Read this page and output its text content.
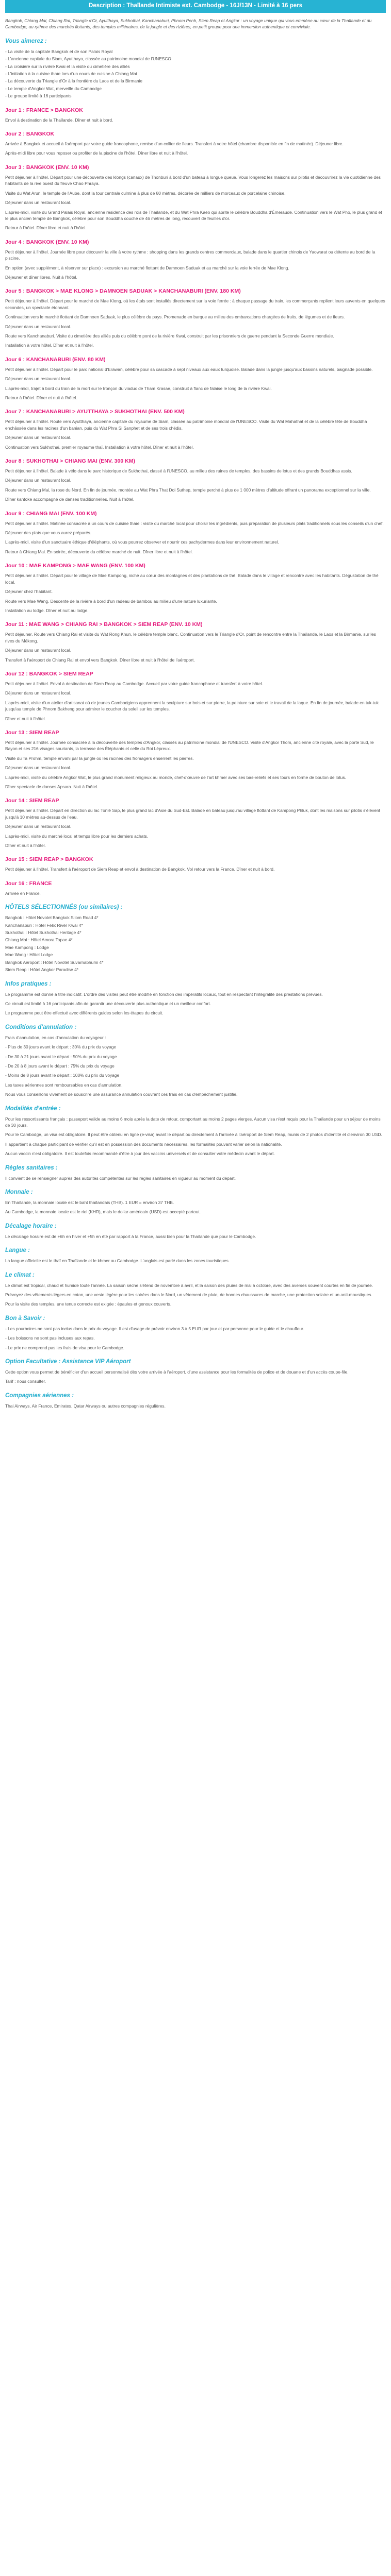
Description : Thaïlande Intimiste ext. Cambodge - 16J/13N - Limité à 16 pers

Bangkok, Chiang Mai, Chiang Rai, Triangle d'Or, Ayutthaya, Sukhothai, Kanchanaburi, Phnom Penh, Siem Reap et Angkor : un voyage unique qui vous emmène au cœur de la Thaïlande et du Cambodge, au rythme des marchés flottants, des temples millénaires, de la jungle et des rizières, en petit groupe pour une immersion authentique et conviviale.

Vous aimerez :
- La visite de la capitale Bangkok et de son Palais Royal
- L'ancienne capitale du Siam, Ayutthaya, classée au patrimoine mondial de l'UNESCO
- La croisière sur la rivière Kwai et la visite du cimetière des alliés
- L'initiation à la cuisine thaïe lors d'un cours de cuisine à Chiang Mai
- La découverte du Triangle d'Or à la frontière du Laos et de la Birmanie
- Le temple d'Angkor Wat, merveille du Cambodge
- Le groupe limité à 16 participants
Jour 1 : FRANCE > BANGKOK

Envol à destination de la Thaïlande. Dîner et nuit à bord.

Jour 2 : BANGKOK

Arrivée à Bangkok et accueil à l'aéroport par votre guide francophone, remise d'un collier de fleurs. Transfert à votre hôtel (chambre disponible en fin de matinée). Déjeuner libre.

Après-midi libre pour vous reposer ou profiter de la piscine de l'hôtel. Dîner libre et nuit à l'hôtel.

Jour 3 : BANGKOK (ENV. 10 KM)

Petit déjeuner à l'hôtel. Départ pour une découverte des klongs (canaux) de Thonburi à bord d'un bateau à longue queue. Vous longerez les maisons sur pilotis et découvrirez la vie quotidienne des habitants de la rive ouest du fleuve Chao Phraya.

Visite du Wat Arun, le temple de l'Aube, dont la tour centrale culmine à plus de 80 mètres, décorée de milliers de morceaux de porcelaine chinoise.

Déjeuner dans un restaurant local.

L'après-midi, visite du Grand Palais Royal, ancienne résidence des rois de Thaïlande, et du Wat Phra Kaeo qui abrite le célèbre Bouddha d'Émeraude. Continuation vers le Wat Pho, le plus grand et le plus ancien temple de Bangkok, célèbre pour son Bouddha couché de 46 mètres de long, recouvert de feuilles d'or.

Retour à l'hôtel. Dîner libre et nuit à l'hôtel.

Jour 4 : BANGKOK (ENV. 10 KM)

Petit déjeuner à l'hôtel. Journée libre pour découvrir la ville à votre rythme : shopping dans les grands centres commerciaux, balade dans le quartier chinois de Yaowarat ou détente au bord de la piscine.

En option (avec supplément, à réserver sur place) : excursion au marché flottant de Damnoen Saduak et au marché sur la voie ferrée de Mae Klong.

Déjeuner et dîner libres. Nuit à l'hôtel.

Jour 5 : BANGKOK > MAE KLONG > DAMNOEN SADUAK > KANCHANABURI (ENV. 180 KM)

Petit déjeuner à l'hôtel. Départ pour le marché de Mae Klong, où les étals sont installés directement sur la voie ferrée : à chaque passage du train, les commerçants replient leurs auvents en quelques secondes, un spectacle étonnant.

Continuation vers le marché flottant de Damnoen Saduak, le plus célèbre du pays. Promenade en barque au milieu des embarcations chargées de fruits, de légumes et de fleurs.

Déjeuner dans un restaurant local.

Route vers Kanchanaburi. Visite du cimetière des alliés puis du célèbre pont de la rivière Kwai, construit par les prisonniers de guerre pendant la Seconde Guerre mondiale.

Installation à votre hôtel. Dîner et nuit à l'hôtel.

Jour 6 : KANCHANABURI (ENV. 80 KM)

Petit déjeuner à l'hôtel. Départ pour le parc national d'Erawan, célèbre pour sa cascade à sept niveaux aux eaux turquoise. Balade dans la jungle jusqu'aux bassins naturels, baignade possible.

Déjeuner dans un restaurant local.

L'après-midi, trajet à bord du train de la mort sur le tronçon du viaduc de Tham Krasae, construit à flanc de falaise le long de la rivière Kwai.

Retour à l'hôtel. Dîner et nuit à l'hôtel.

Jour 7 : KANCHANABURI > AYUTTHAYA > SUKHOTHAI (ENV. 500 KM)

Petit déjeuner à l'hôtel. Route vers Ayutthaya, ancienne capitale du royaume de Siam, classée au patrimoine mondial de l'UNESCO. Visite du Wat Mahathat et de la célèbre tête de Bouddha enchâssée dans les racines d'un banian, puis du Wat Phra Si Sanphet et de ses trois chédis.

Déjeuner dans un restaurant local.

Continuation vers Sukhothai, premier royaume thaï. Installation à votre hôtel. Dîner et nuit à l'hôtel.

Jour 8 : SUKHOTHAI > CHIANG MAI (ENV. 300 KM)

Petit déjeuner à l'hôtel. Balade à vélo dans le parc historique de Sukhothai, classé à l'UNESCO, au milieu des ruines de temples, des bassins de lotus et des grands Bouddhas assis.

Déjeuner dans un restaurant local.

Route vers Chiang Mai, la rose du Nord. En fin de journée, montée au Wat Phra That Doi Suthep, temple perché à plus de 1 000 mètres d'altitude offrant un panorama exceptionnel sur la ville.

Dîner kantoke accompagné de danses traditionnelles. Nuit à l'hôtel.

Jour 9 : CHIANG MAI (ENV. 100 KM)

Petit déjeuner à l'hôtel. Matinée consacrée à un cours de cuisine thaïe : visite du marché local pour choisir les ingrédients, puis préparation de plusieurs plats traditionnels sous les conseils d'un chef.

Déjeuner des plats que vous aurez préparés.

L'après-midi, visite d'un sanctuaire éthique d'éléphants, où vous pourrez observer et nourrir ces pachydermes dans leur environnement naturel.

Retour à Chiang Mai. En soirée, découverte du célèbre marché de nuit. Dîner libre et nuit à l'hôtel.

Jour 10 : MAE KAMPONG > MAE WANG (ENV. 100 KM)

Petit déjeuner à l'hôtel. Départ pour le village de Mae Kampong, niché au cœur des montagnes et des plantations de thé. Balade dans le village et rencontre avec les habitants. Dégustation de thé local.

Déjeuner chez l'habitant.

Route vers Mae Wang. Descente de la rivière à bord d'un radeau de bambou au milieu d'une nature luxuriante.

Installation au lodge. Dîner et nuit au lodge.

Jour 11 : MAE WANG > CHIANG RAI > BANGKOK > SIEM REAP (ENV. 10 KM)

Petit déjeuner. Route vers Chiang Rai et visite du Wat Rong Khun, le célèbre temple blanc. Continuation vers le Triangle d'Or, point de rencontre entre la Thaïlande, le Laos et la Birmanie, sur les rives du Mékong.

Déjeuner dans un restaurant local.

Transfert à l'aéroport de Chiang Rai et envol vers Bangkok. Dîner libre et nuit à l'hôtel de l'aéroport.

Jour 12 : BANGKOK > SIEM REAP

Petit déjeuner à l'hôtel. Envol à destination de Siem Reap au Cambodge. Accueil par votre guide francophone et transfert à votre hôtel.

Déjeuner dans un restaurant local.

L'après-midi, visite d'un atelier d'artisanat où de jeunes Cambodgiens apprennent la sculpture sur bois et sur pierre, la peinture sur soie et le travail de la laque. En fin de journée, balade en tuk-tuk jusqu'au temple de Phnom Bakheng pour admirer le coucher du soleil sur les temples.

Dîner et nuit à l'hôtel.

Jour 13 : SIEM REAP

Petit déjeuner à l'hôtel. Journée consacrée à la découverte des temples d'Angkor, classés au patrimoine mondial de l'UNESCO. Visite d'Angkor Thom, ancienne cité royale, avec la porte Sud, le Bayon et ses 216 visages souriants, la terrasse des Éléphants et celle du Roi Lépreux.

Visite du Ta Prohm, temple envahi par la jungle où les racines des fromagers enserrent les pierres.

Déjeuner dans un restaurant local.

L'après-midi, visite du célèbre Angkor Wat, le plus grand monument religieux au monde, chef-d'œuvre de l'art khmer avec ses bas-reliefs et ses tours en forme de bouton de lotus.

Dîner spectacle de danses Apsara. Nuit à l'hôtel.

Jour 14 : SIEM REAP

Petit déjeuner à l'hôtel. Départ en direction du lac Tonlé Sap, le plus grand lac d'Asie du Sud-Est. Balade en bateau jusqu'au village flottant de Kampong Phluk, dont les maisons sur pilotis s'élèvent jusqu'à 10 mètres au-dessus de l'eau.

Déjeuner dans un restaurant local.

L'après-midi, visite du marché local et temps libre pour les derniers achats.

Dîner et nuit à l'hôtel.

Jour 15 : SIEM REAP > BANGKOK

Petit déjeuner à l'hôtel. Transfert à l'aéroport de Siem Reap et envol à destination de Bangkok. Vol retour vers la France. Dîner et nuit à bord.

Jour 16 : FRANCE

Arrivée en France.

HÔTELS SÉLECTIONNÉS (ou similaires) :
Bangkok : Hôtel Novotel Bangkok Silom Road 4*
Kanchanaburi : Hôtel Felix River Kwai 4*
Sukhothai : Hôtel Sukhothai Heritage 4*
Chiang Mai : Hôtel Amora Tapae 4*
Mae Kampong : Lodge
Mae Wang : Hôtel Lodge
Bangkok Aéroport : Hôtel Novotel Suvarnabhumi 4*
Siem Reap : Hôtel Angkor Paradise 4*
Infos pratiques :

Le programme est donné à titre indicatif. L'ordre des visites peut être modifié en fonction des impératifs locaux, tout en respectant l'intégralité des prestations prévues.

Ce circuit est limité à 16 participants afin de garantir une découverte plus authentique et un meilleur confort.

Le programme peut être effectué avec différents guides selon les étapes du circuit.

Conditions d'annulation :

Frais d'annulation, en cas d'annulation du voyageur :

- Plus de 30 jours avant le départ : 30% du prix du voyage

- De 30 à 21 jours avant le départ : 50% du prix du voyage

- De 20 à 8 jours avant le départ : 75% du prix du voyage

- Moins de 8 jours avant le départ : 100% du prix du voyage

Les taxes aériennes sont remboursables en cas d'annulation.

Nous vous conseillons vivement de souscrire une assurance annulation couvrant ces frais en cas d'empêchement justifié.

Modalités d'entrée :

Pour les ressortissants français : passeport valide au moins 6 mois après la date de retour, comportant au moins 2 pages vierges. Aucun visa n'est requis pour la Thaïlande pour un séjour de moins de 30 jours.

Pour le Cambodge, un visa est obligatoire. Il peut être obtenu en ligne (e-visa) avant le départ ou directement à l'arrivée à l'aéroport de Siem Reap, munis de 2 photos d'identité et d'environ 30 USD.

Il appartient à chaque participant de vérifier qu'il est en possession des documents nécessaires, les formalités pouvant varier selon la nationalité.

Aucun vaccin n'est obligatoire. Il est toutefois recommandé d'être à jour des vaccins universels et de consulter votre médecin avant le départ.

Règles sanitaires :

Il convient de se renseigner auprès des autorités compétentes sur les règles sanitaires en vigueur au moment du départ.

Monnaie :

En Thaïlande, la monnaie locale est le baht thaïlandais (THB). 1 EUR = environ 37 THB.

Au Cambodge, la monnaie locale est le riel (KHR), mais le dollar américain (USD) est accepté partout.

Décalage horaire :

Le décalage horaire est de +6h en hiver et +5h en été par rapport à la France, aussi bien pour la Thaïlande que pour le Cambodge.

Langue :

La langue officielle est le thaï en Thaïlande et le khmer au Cambodge. L'anglais est parlé dans les zones touristiques.

Le climat :

Le climat est tropical, chaud et humide toute l'année. La saison sèche s'étend de novembre à avril, et la saison des pluies de mai à octobre, avec des averses souvent courtes en fin de journée.

Prévoyez des vêtements légers en coton, une veste légère pour les soirées dans le Nord, un vêtement de pluie, de bonnes chaussures de marche, une protection solaire et un anti-moustiques.

Pour la visite des temples, une tenue correcte est exigée : épaules et genoux couverts.

Bon à Savoir :

- Les pourboires ne sont pas inclus dans le prix du voyage. Il est d'usage de prévoir environ 3 à 5 EUR par jour et par personne pour le guide et le chauffeur.

- Les boissons ne sont pas incluses aux repas.

- Le prix ne comprend pas les frais de visa pour le Cambodge.

Option Facultative : Assistance VIP Aéroport

Cette option vous permet de bénéficier d'un accueil personnalisé dès votre arrivée à l'aéroport, d'une assistance pour les formalités de police et de douane et d'un accès coupe-file.

Tarif : nous consulter.

Compagnies aériennes :

Thai Airways, Air France, Emirates, Qatar Airways ou autres compagnies régulières.
